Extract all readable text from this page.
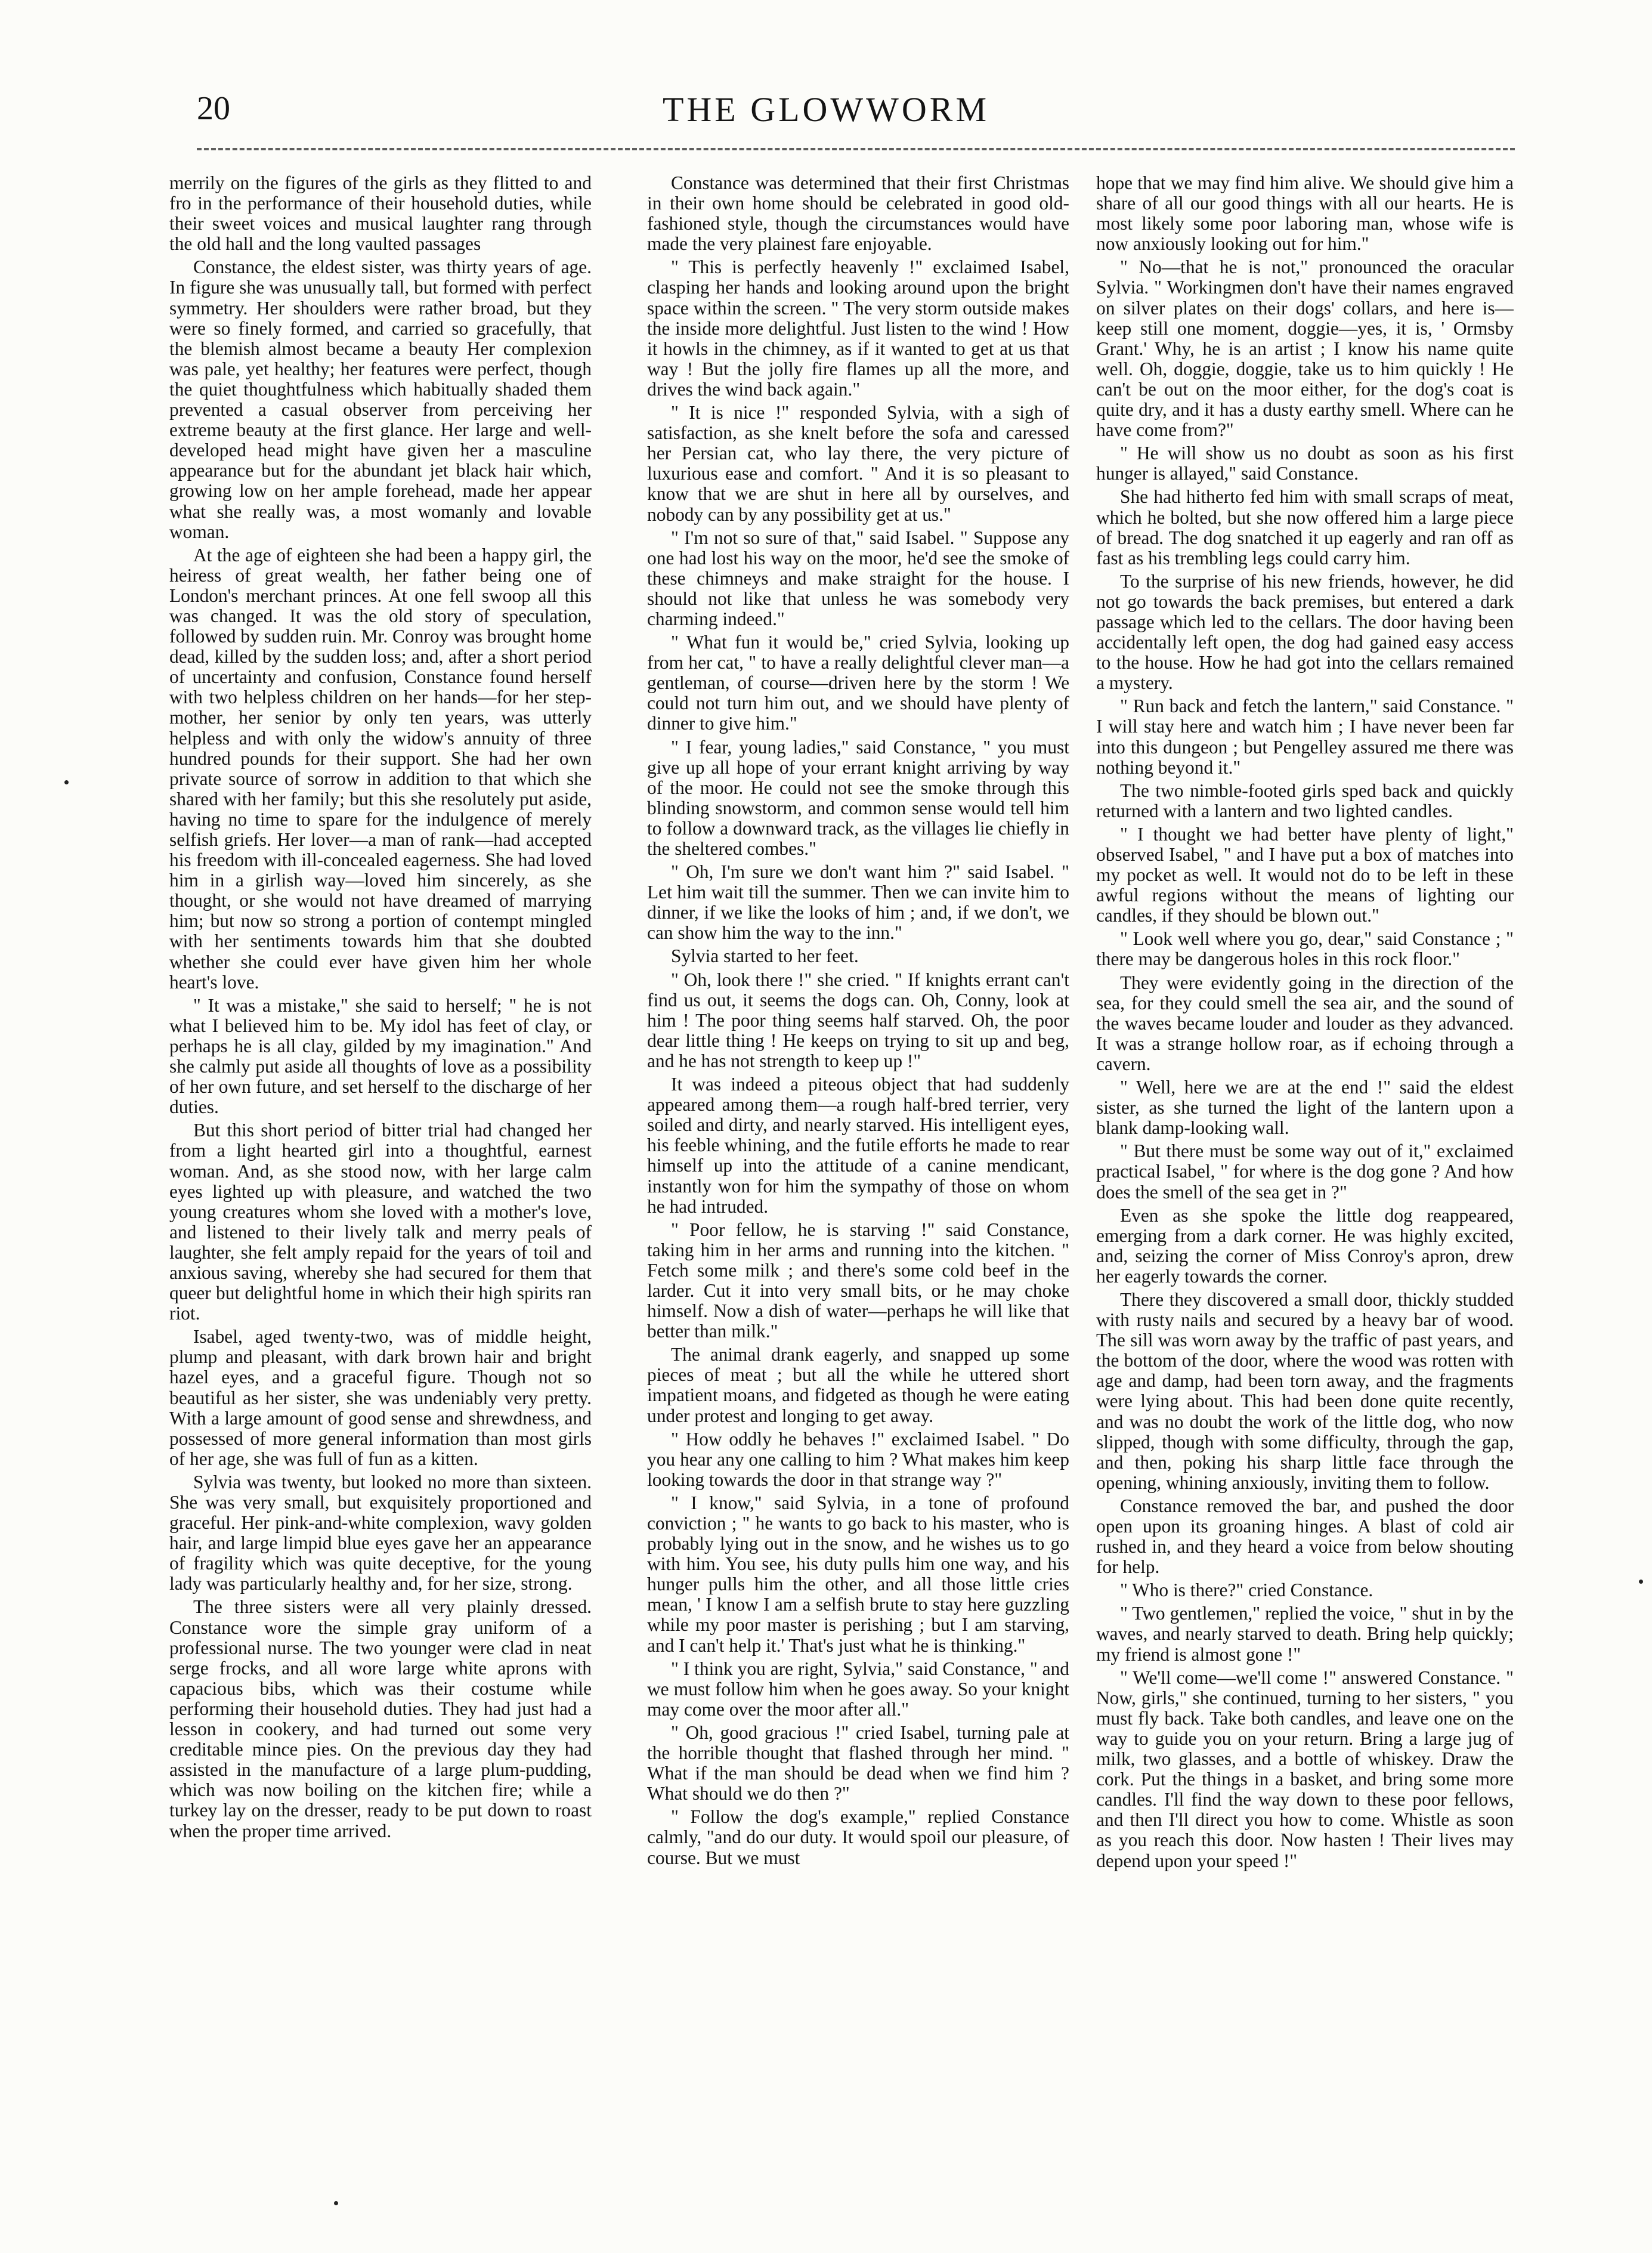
20	THE GLOWWORM

merrily on the figures of the girls as they flitted to and fro in the performance of their household duties, while their sweet voices and musical laughter rang through the old hall and the long vaulted passages

Constance, the eldest sister, was thirty years of age. In figure she was unusually tall, but formed with perfect symmetry. Her shoulders were rather broad, but they were so finely formed, and carried so gracefully, that the blemish almost became a beauty Her complexion was pale, yet healthy; her features were perfect, though the quiet thoughtfulness which habitually shaded them prevented a casual observer from perceiving her extreme beauty at the first glance. Her large and well-developed head might have given her a masculine appearance but for the abundant jet black hair which, growing low on her ample forehead, made her appear what she really was, a most womanly and lovable woman.

At the age of eighteen she had been a happy girl, the heiress of great wealth, her father being one of London's merchant princes. At one fell swoop all this was changed. It was the old story of speculation, followed by sudden ruin. Mr. Conroy was brought home dead, killed by the sudden loss; and, after a short period of uncertainty and confusion, Constance found herself with two helpless children on her hands—for her step-mother, her senior by only ten years, was utterly helpless and with only the widow's annuity of three hundred pounds for their support. She had her own private source of sorrow in addition to that which she shared with her family; but this she resolutely put aside, having no time to spare for the indulgence of merely selfish griefs. Her lover—a man of rank—had accepted his freedom with ill-concealed eagerness. She had loved him in a girlish way—loved him sincerely, as she thought, or she would not have dreamed of marrying him; but now so strong a portion of contempt mingled with her sentiments towards him that she doubted whether she could ever have given him her whole heart's love.

" It was a mistake," she said to herself; " he is not what I believed him to be. My idol has feet of clay, or perhaps he is all clay, gilded by my imagination." And she calmly put aside all thoughts of love as a possibility of her own future, and set herself to the discharge of her duties.

But this short period of bitter trial had changed her from a light hearted girl into a thoughtful, earnest woman. And, as she stood now, with her large calm eyes lighted up with pleasure, and watched the two young creatures whom she loved with a mother's love, and listened to their lively talk and merry peals of laughter, she felt amply repaid for the years of toil and anxious saving, whereby she had secured for them that queer but delightful home in which their high spirits ran riot.

Isabel, aged twenty-two, was of middle height, plump and pleasant, with dark brown hair and bright hazel eyes, and a graceful figure. Though not so beautiful as her sister, she was undeniably very pretty. With a large amount of good sense and shrewdness, and possessed of more general information than most girls of her age, she was full of fun as a kitten.

Sylvia was twenty, but looked no more than sixteen. She was very small, but exquisitely proportioned and graceful. Her pink-and-white complexion, wavy golden hair, and large limpid blue eyes gave her an appearance of fragility which was quite deceptive, for the young lady was particularly healthy and, for her size, strong.

The three sisters were all very plainly dressed. Constance wore the simple gray uniform of a professional nurse. The two younger were clad in neat serge frocks, and all wore large white aprons with capacious bibs, which was their costume while performing their household duties. They had just had a lesson in cookery, and had turned out some very creditable mince pies. On the previous day they had assisted in the manufacture of a large plum-pudding, which was now boiling on the kitchen fire; while a turkey lay on the dresser, ready to be put down to roast when the proper time arrived.

Constance was determined that their first Christmas in their own home should be celebrated in good old-fashioned style, though the circumstances would have made the very plainest fare enjoyable.

" This is perfectly heavenly !" exclaimed Isabel, clasping her hands and looking around upon the bright space within the screen. " The very storm outside makes the inside more delightful. Just listen to the wind ! How it howls in the chimney, as if it wanted to get at us that way ! But the jolly fire flames up all the more, and drives the wind back again."

" It is nice !" responded Sylvia, with a sigh of satisfaction, as she knelt before the sofa and caressed her Persian cat, who lay there, the very picture of luxurious ease and comfort. " And it is so pleasant to know that we are shut in here all by ourselves, and nobody can by any possibility get at us."

" I'm not so sure of that," said Isabel. " Suppose any one had lost his way on the moor, he'd see the smoke of these chimneys and make straight for the house. I should not like that unless he was somebody very charming indeed."

" What fun it would be," cried Sylvia, looking up from her cat, " to have a really delightful clever man—a gentleman, of course—driven here by the storm ! We could not turn him out, and we should have plenty of dinner to give him."

" I fear, young ladies," said Constance, " you must give up all hope of your errant knight arriving by way of the moor. He could not see the smoke through this blinding snowstorm, and common sense would tell him to follow a downward track, as the villages lie chiefly in the sheltered combes."

" Oh, I'm sure we don't want him ?" said Isabel. " Let him wait till the summer. Then we can invite him to dinner, if we like the looks of him ; and, if we don't, we can show him the way to the inn."

Sylvia started to her feet.

" Oh, look there !" she cried. " If knights errant can't find us out, it seems the dogs can. Oh, Conny, look at him ! The poor thing seems half starved. Oh, the poor dear little thing ! He keeps on trying to sit up and beg, and he has not strength to keep up !"

It was indeed a piteous object that had suddenly appeared among them—a rough half-bred terrier, very soiled and dirty, and nearly starved. His intelligent eyes, his feeble whining, and the futile efforts he made to rear himself up into the attitude of a canine mendicant, instantly won for him the sympathy of those on whom he had intruded.

" Poor fellow, he is starving !" said Constance, taking him in her arms and running into the kitchen. " Fetch some milk ; and there's some cold beef in the larder. Cut it into very small bits, or he may choke himself. Now a dish of water—perhaps he will like that better than milk."

The animal drank eagerly, and snapped up some pieces of meat ; but all the while he uttered short impatient moans, and fidgeted as though he were eating under protest and longing to get away.

" How oddly he behaves !" exclaimed Isabel. " Do you hear any one calling to him ? What makes him keep looking towards the door in that strange way ?"

" I know," said Sylvia, in a tone of profound conviction ; " he wants to go back to his master, who is probably lying out in the snow, and he wishes us to go with him. You see, his duty pulls him one way, and his hunger pulls him the other, and all those little cries mean, ' I know I am a selfish brute to stay here guzzling while my poor master is perishing ; but I am starving, and I can't help it.' That's just what he is thinking."

" I think you are right, Sylvia," said Constance, " and we must follow him when he goes away. So your knight may come over the moor after all."

" Oh, good gracious !" cried Isabel, turning pale at the horrible thought that flashed through her mind. " What if the man should be dead when we find him ? What should we do then ?"

" Follow the dog's example," replied Constance calmly, "and do our duty. It would spoil our pleasure, of course. But we must

hope that we may find him alive. We should give him a share of all our good things with all our hearts. He is most likely some poor laboring man, whose wife is now anxiously looking out for him."

" No—that he is not," pronounced the oracular Sylvia. " Workingmen don't have their names engraved on silver plates on their dogs' collars, and here is—keep still one moment, doggie—yes, it is, ' Ormsby Grant.' Why, he is an artist ; I know his name quite well. Oh, doggie, doggie, take us to him quickly ! He can't be out on the moor either, for the dog's coat is quite dry, and it has a dusty earthy smell. Where can he have come from?"

" He will show us no doubt as soon as his first hunger is allayed," said Constance.

She had hitherto fed him with small scraps of meat, which he bolted, but she now offered him a large piece of bread. The dog snatched it up eagerly and ran off as fast as his trembling legs could carry him.

To the surprise of his new friends, however, he did not go towards the back premises, but entered a dark passage which led to the cellars. The door having been accidentally left open, the dog had gained easy access to the house. How he had got into the cellars remained a mystery.

" Run back and fetch the lantern," said Constance. " I will stay here and watch him ; I have never been far into this dungeon ; but Pengelley assured me there was nothing beyond it."

The two nimble-footed girls sped back and quickly returned with a lantern and two lighted candles.

" I thought we had better have plenty of light," observed Isabel, " and I have put a box of matches into my pocket as well. It would not do to be left in these awful regions without the means of lighting our candles, if they should be blown out."

" Look well where you go, dear," said Constance ; " there may be dangerous holes in this rock floor."

They were evidently going in the direction of the sea, for they could smell the sea air, and the sound of the waves became louder and louder as they advanced. It was a strange hollow roar, as if echoing through a cavern.

" Well, here we are at the end !" said the eldest sister, as she turned the light of the lantern upon a blank damp-looking wall.

" But there must be some way out of it," exclaimed practical Isabel, " for where is the dog gone ? And how does the smell of the sea get in ?"

Even as she spoke the little dog reappeared, emerging from a dark corner. He was highly excited, and, seizing the corner of Miss Conroy's apron, drew her eagerly towards the corner.

There they discovered a small door, thickly studded with rusty nails and secured by a heavy bar of wood. The sill was worn away by the traffic of past years, and the bottom of the door, where the wood was rotten with age and damp, had been torn away, and the fragments were lying about. This had been done quite recently, and was no doubt the work of the little dog, who now slipped, though with some difficulty, through the gap, and then, poking his sharp little face through the opening, whining anxiously, inviting them to follow.

Constance removed the bar, and pushed the door open upon its groaning hinges. A blast of cold air rushed in, and they heard a voice from below shouting for help.

" Who is there?" cried Constance.

" Two gentlemen," replied the voice, " shut in by the waves, and nearly starved to death. Bring help quickly; my friend is almost gone !"

" We'll come—we'll come !" answered Constance. " Now, girls," she continued, turning to her sisters, " you must fly back. Take both candles, and leave one on the way to guide you on your return. Bring a large jug of milk, two glasses, and a bottle of whiskey. Draw the cork. Put the things in a basket, and bring some more candles. I'll find the way down to these poor fellows, and then I'll direct you how to come. Whistle as soon as you reach this door. Now hasten ! Their lives may depend upon your speed !"
